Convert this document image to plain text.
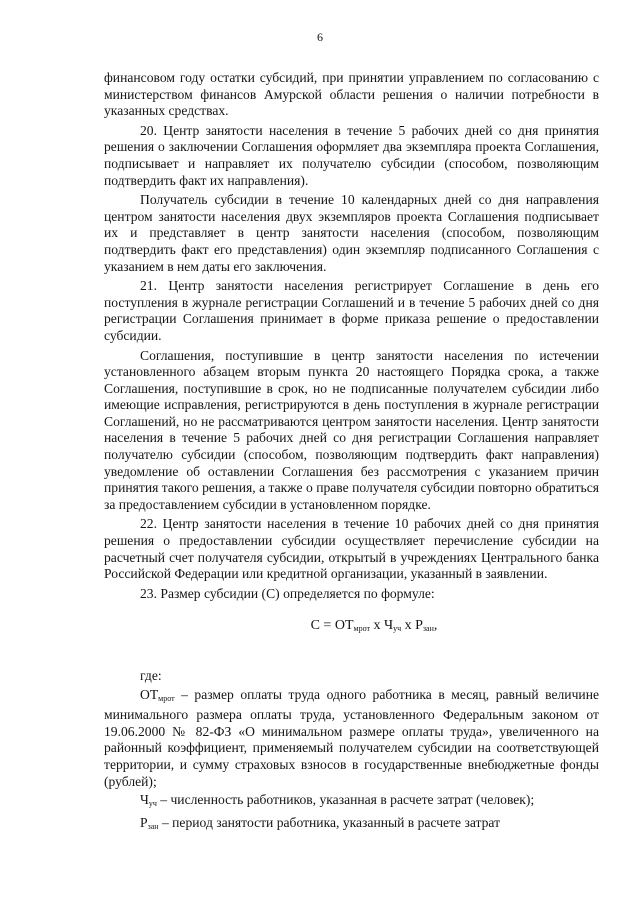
6

финансовом году остатки субсидий, при принятии управлением по согласованию с министерством финансов Амурской области решения о наличии потребности в указанных средствах.

20. Центр занятости населения в течение 5 рабочих дней со дня принятия решения о заключении Соглашения оформляет два экземпляра проекта Соглашения, подписывает и направляет их получателю субсидии (способом, позволяющим подтвердить факт их направления).

Получатель субсидии в течение 10 календарных дней со дня направления центром занятости населения двух экземпляров проекта Соглашения подписывает их и представляет в центр занятости населения (способом, позволяющим подтвердить факт его представления) один экземпляр подписанного Соглашения с указанием в нем даты его заключения.

21. Центр занятости населения регистрирует Соглашение в день его поступления в журнале регистрации Соглашений и в течение 5 рабочих дней со дня регистрации Соглашения принимает в форме приказа решение о предоставлении субсидии.

Соглашения, поступившие в центр занятости населения по истечении установленного абзацем вторым пункта 20 настоящего Порядка срока, а также Соглашения, поступившие в срок, но не подписанные получателем субсидии либо имеющие исправления, регистрируются в день поступления в журнале регистрации Соглашений, но не рассматриваются центром занятости населения. Центр занятости населения в течение 5 рабочих дней со дня регистрации Соглашения направляет получателю субсидии (способом, позволяющим подтвердить факт направления) уведомление об оставлении Соглашения без рассмотрения с указанием причин принятия такого решения, а также о праве получателя субсидии повторно обратиться за предоставлением субсидии в установленном порядке.

22. Центр занятости населения в течение 10 рабочих дней со дня принятия решения о предоставлении субсидии осуществляет перечисление субсидии на расчетный счет получателя субсидии, открытый в учреждениях Центрального банка Российской Федерации или кредитной организации, указанный в заявлении.

23. Размер субсидии (С) определяется по формуле:

$С = ОТ_{мрот}$ х $Ч_{уч}$ х $Р_{зан}$,

где:

$ОТ_{мрот}$ – размер оплаты труда одного работника в месяц, равный величине минимального размера оплаты труда, установленного Федеральным законом от 19.06.2000 № 82-ФЗ «О минимальном размере оплаты труда», увеличенного на районный коэффициент, применяемый получателем субсидии на соответствующей территории, и сумму страховых взносов в государственные внебюджетные фонды (рублей);

$Ч_{уч}$ – численность работников, указанная в расчете затрат (человек);

$Р_{зан}$ – период занятости работника, указанный в расчете затрат
